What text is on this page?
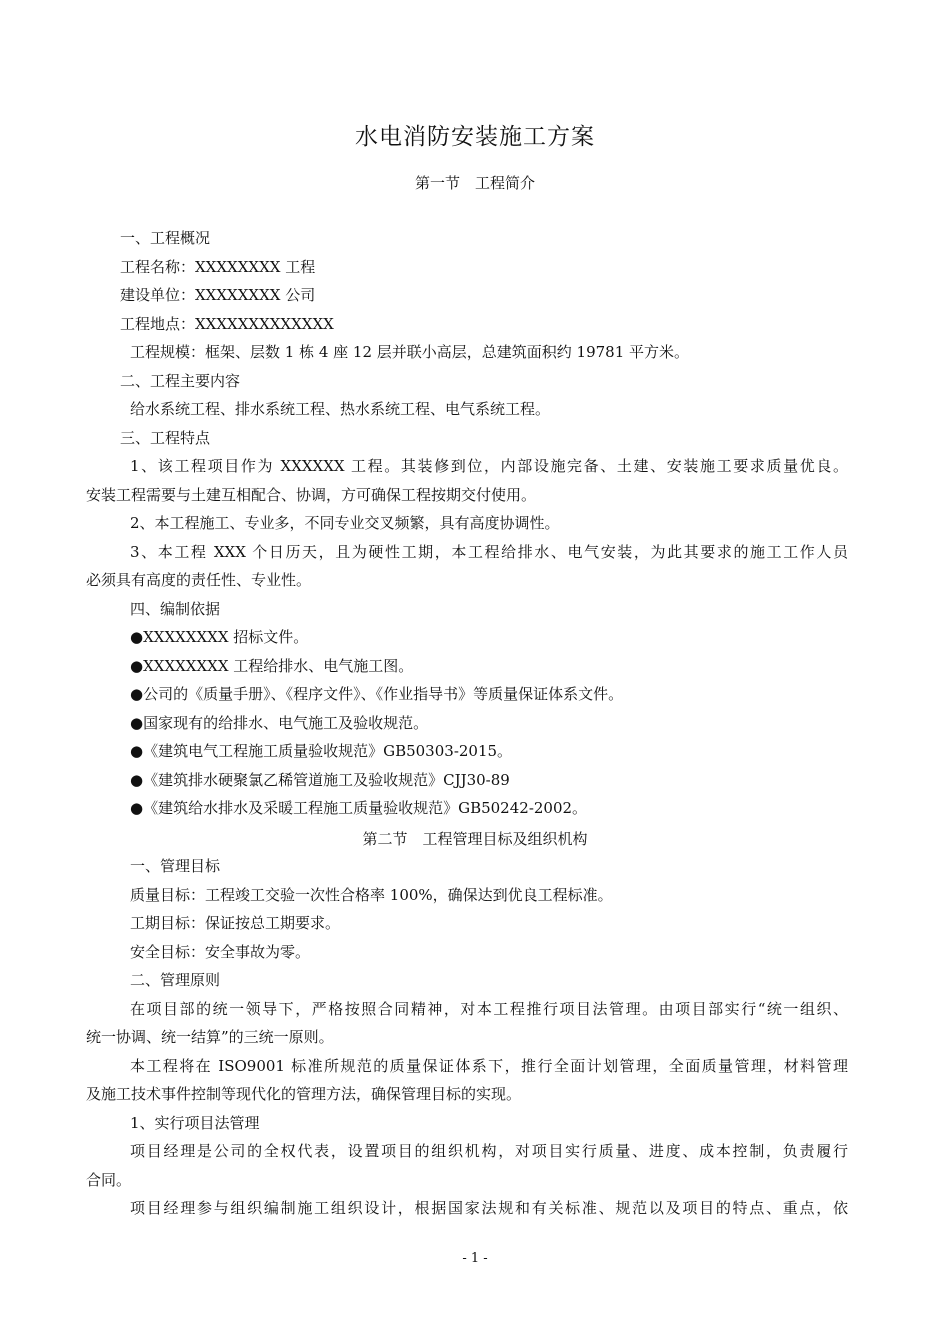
水电消防安装施工方案
第一节　工程简介
一、工程概况
工程名称：XXXXXXXX 工程
建设单位：XXXXXXXX 公司
工程地点：XXXXXXXXXXXXX
工程规模：框架、层数 1 栋 4 座 12 层并联小高层，总建筑面积约 19781 平方米。
二、工程主要内容
给水系统工程、排水系统工程、热水系统工程、电气系统工程。
三、工程特点
1、该工程项目作为 XXXXXX 工程。其装修到位，内部设施完备、土建、安装施工要求质量优良。
安装工程需要与土建互相配合、协调，方可确保工程按期交付使用。
2、本工程施工、专业多，不同专业交叉频繁，具有高度协调性。
3、本工程 XXX 个日历天，且为硬性工期，本工程给排水、电气安装，为此其要求的施工工作人员
必须具有高度的责任性、专业性。
四、编制依据
●XXXXXXXX 招标文件。
●XXXXXXXX 工程给排水、电气施工图。
●公司的《质量手册》、《程序文件》、《作业指导书》等质量保证体系文件。
●国家现有的给排水、电气施工及验收规范。
●《建筑电气工程施工质量验收规范》GB50303-2015。
●《建筑排水硬聚氯乙稀管道施工及验收规范》CJJ30-89
●《建筑给水排水及采暖工程施工质量验收规范》GB50242-2002。
第二节　工程管理目标及组织机构
一、管理目标
质量目标：工程竣工交验一次性合格率 100%，确保达到优良工程标准。
工期目标：保证按总工期要求。
安全目标：安全事故为零。
二、管理原则
在项目部的统一领导下，严格按照合同精神，对本工程推行项目法管理。由项目部实行“统一组织、
统一协调、统一结算”的三统一原则。
本工程将在 ISO9001 标准所规范的质量保证体系下，推行全面计划管理，全面质量管理，材料管理
及施工技术事件控制等现代化的管理方法，确保管理目标的实现。
1、实行项目法管理
项目经理是公司的全权代表，设置项目的组织机构，对项目实行质量、进度、成本控制，负责履行
合同。
项目经理参与组织编制施工组织设计，根据国家法规和有关标准、规范以及项目的特点、重点，依
- 1 -
